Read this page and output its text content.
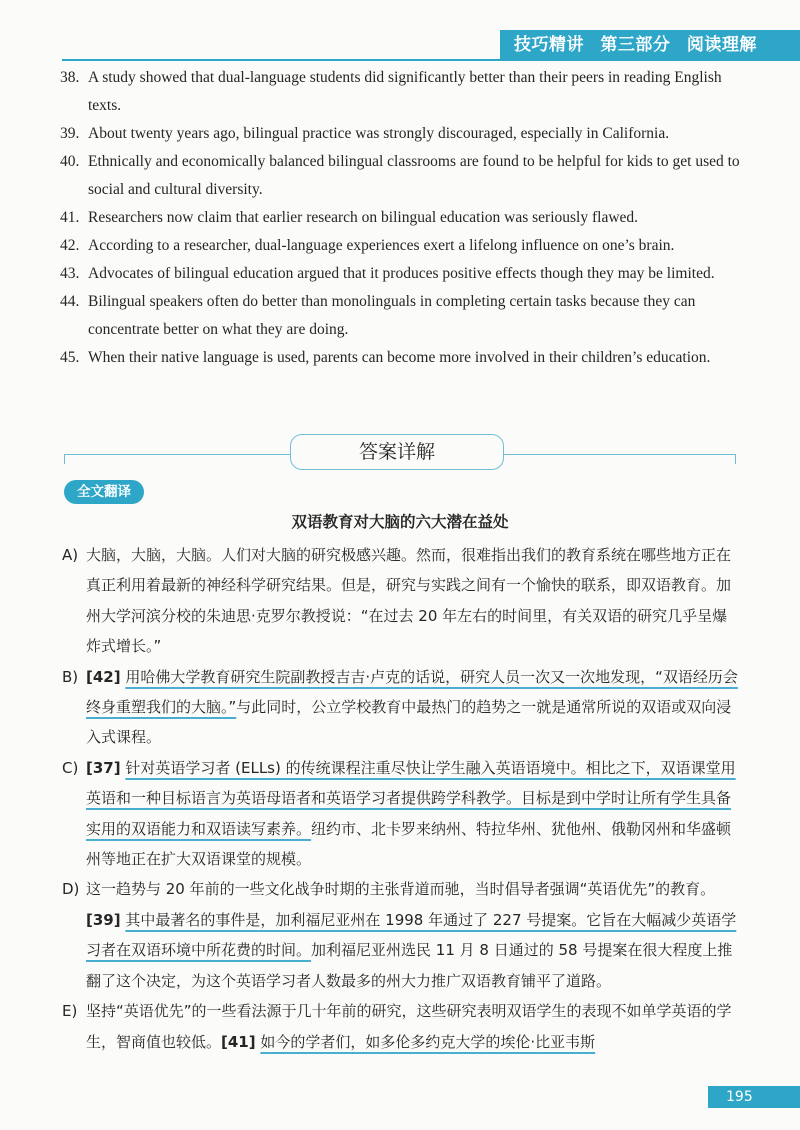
技巧精讲 第三部分 阅读理解

38. A study showed that dual-language students did significantly better than their peers in reading English texts.

39. About twenty years ago, bilingual practice was strongly discouraged, especially in California.

40. Ethnically and economically balanced bilingual classrooms are found to be helpful for kids to get used to social and cultural diversity.

41. Researchers now claim that earlier research on bilingual education was seriously flawed.

42. According to a researcher, dual-language experiences exert a lifelong influence on one’s brain.

43. Advocates of bilingual education argued that it produces positive effects though they may be limited.

44. Bilingual speakers often do better than monolinguals in completing certain tasks because they can concentrate better on what they are doing.

45. When their native language is used, parents can become more involved in their children’s education.

答案详解
全文翻译
双语教育对大脑的六大潜在益处

A) 大脑，大脑，大脑。人们对大脑的研究极感兴趣。然而，很难指出我们的教育系统在哪些地方正在真正利用着最新的神经科学研究结果。但是，研究与实践之间有一个愉快的联系，即双语教育。加州大学河滨分校的朱迪思·克罗尔教授说：“在过去 20 年左右的时间里，有关双语的研究几乎呈爆炸式增长。”

B) [42] 用哈佛大学教育研究生院副教授吉吉·卢克的话说，研究人员一次又一次地发现，“双语经历会终身重塑我们的大脑。”与此同时，公立学校教育中最热门的趋势之一就是通常所说的双语或双向浸入式课程。

C) [37] 针对英语学习者 (ELLs) 的传统课程注重尽快让学生融入英语语境中。相比之下，双语课堂用英语和一种目标语言为英语母语者和英语学习者提供跨学科教学。目标是到中学时让所有学生具备实用的双语能力和双语读写素养。纽约市、北卡罗来纳州、特拉华州、犹他州、俄勒冈州和华盛顿州等地正在扩大双语课堂的规模。

D) 这一趋势与 20 年前的一些文化战争时期的主张背道而驰，当时倡导者强调“英语优先”的教育。[39] 其中最著名的事件是，加利福尼亚州在 1998 年通过了 227 号提案。它旨在大幅减少英语学习者在双语环境中所花费的时间。加利福尼亚州选民 11 月 8 日通过的 58 号提案在很大程度上推翻了这个决定，为这个英语学习者人数最多的州大力推广双语教育铺平了道路。

E) 坚持“英语优先”的一些看法源于几十年前的研究，这些研究表明双语学生的表现不如单学英语的学生，智商值也较低。[41] 如今的学者们，如多伦多约克大学的埃伦·比亚韦斯

195
